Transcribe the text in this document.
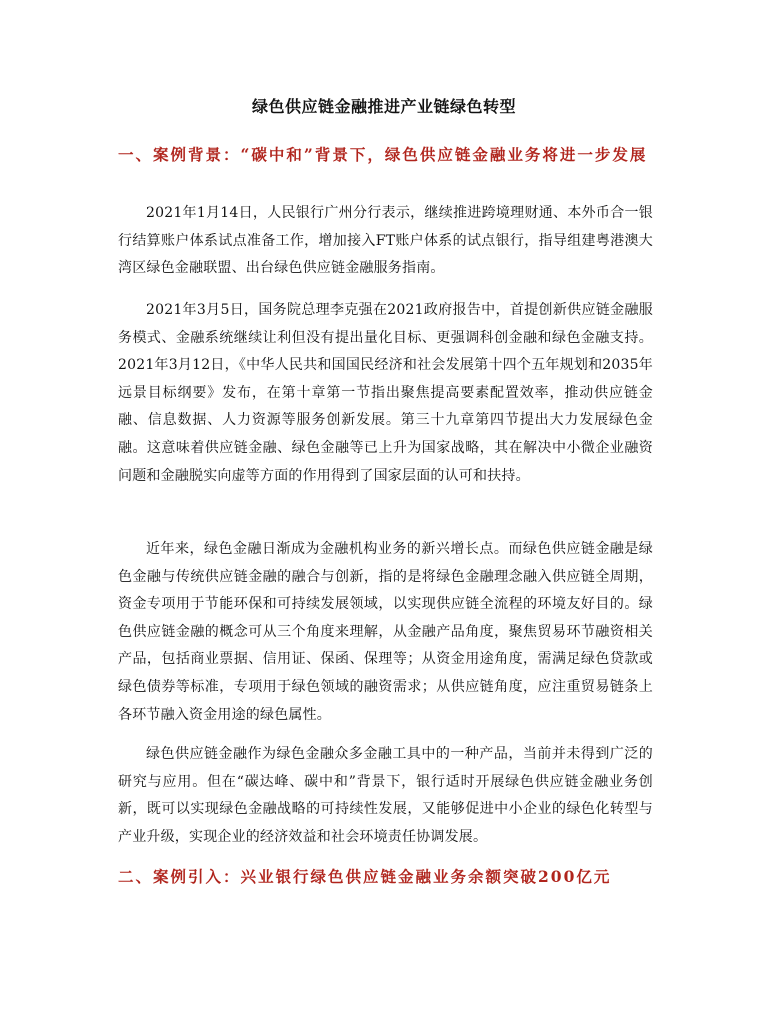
绿色供应链金融推进产业链绿色转型
一、案例背景：“碳中和”背景下，绿色供应链金融业务将进一步发展

2021年1月14日，人民银行广州分行表示，继续推进跨境理财通、本外币合一银行结算账户体系试点准备工作，增加接入FT账户体系的试点银行，指导组建粤港澳大湾区绿色金融联盟、出台绿色供应链金融服务指南。

2021年3月5日，国务院总理李克强在2021政府报告中，首提创新供应链金融服务模式、金融系统继续让利但没有提出量化目标、更强调科创金融和绿色金融支持。2021年3月12日，《中华人民共和国国民经济和社会发展第十四个五年规划和2035年远景目标纲要》发布，在第十章第一节指出聚焦提高要素配置效率，推动供应链金融、信息数据、人力资源等服务创新发展。第三十九章第四节提出大力发展绿色金融。这意味着供应链金融、绿色金融等已上升为国家战略，其在解决中小微企业融资问题和金融脱实向虚等方面的作用得到了国家层面的认可和扶持。

近年来，绿色金融日渐成为金融机构业务的新兴增长点。而绿色供应链金融是绿色金融与传统供应链金融的融合与创新，指的是将绿色金融理念融入供应链全周期，资金专项用于节能环保和可持续发展领域，以实现供应链全流程的环境友好目的。绿色供应链金融的概念可从三个角度来理解，从金融产品角度，聚焦贸易环节融资相关产品，包括商业票据、信用证、保函、保理等；从资金用途角度，需满足绿色贷款或绿色债券等标准，专项用于绿色领域的融资需求；从供应链角度，应注重贸易链条上各环节融入资金用途的绿色属性。

绿色供应链金融作为绿色金融众多金融工具中的一种产品，当前并未得到广泛的研究与应用。但在“碳达峰、碳中和”背景下，银行适时开展绿色供应链金融业务创新，既可以实现绿色金融战略的可持续性发展，又能够促进中小企业的绿色化转型与产业升级，实现企业的经济效益和社会环境责任协调发展。

二、案例引入：兴业银行绿色供应链金融业务余额突破200亿元
